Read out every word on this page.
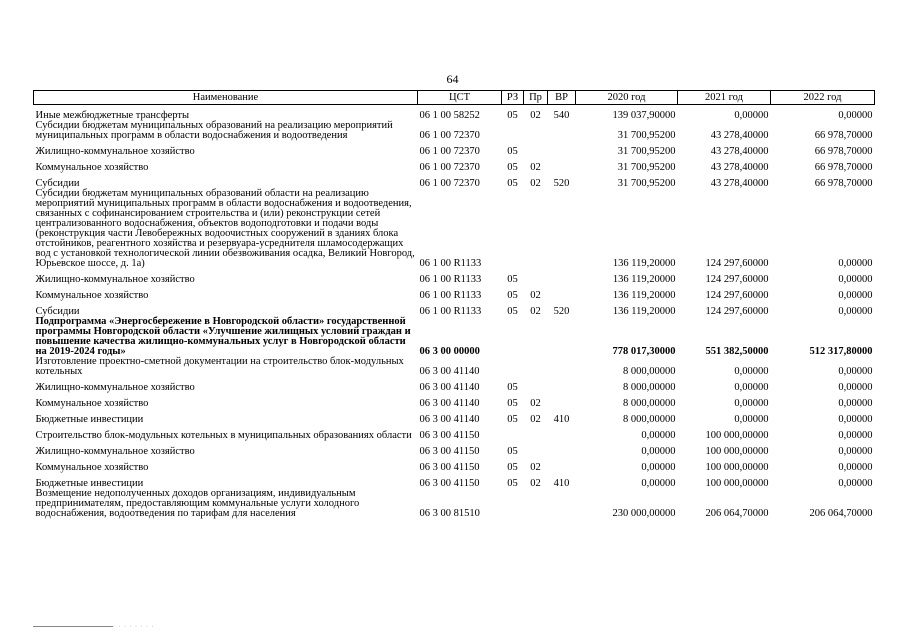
64
Наименование	ЦСТ	РЗ	Пр	ВР	2020 год	2021 год	2022 год
Иные межбюджетные трансферты	06 1 00 58252	05	02	540	139 037,90000	0,00000	0,00000
Субсидии бюджетам муниципальных образований на реализацию мероприятий муниципальных программ в области водоснабжения и водоотведения	06 1 00 72370				31 700,95200	43 278,40000	66 978,70000
Жилищно-коммунальное хозяйство	06 1 00 72370	05			31 700,95200	43 278,40000	66 978,70000
Коммунальное хозяйство	06 1 00 72370	05	02		31 700,95200	43 278,40000	66 978,70000
Субсидии	06 1 00 72370	05	02	520	31 700,95200	43 278,40000	66 978,70000
Субсидии бюджетам муниципальных образований области на реализацию мероприятий муниципальных программ в области водоснабжения и водоотведения, связанных с софинансированием строительства и (или) реконструкции сетей централизованного водоснабжения, объектов водоподготовки и подачи воды (реконструкция части Левобережных водоочистных сооружений в зданиях блока отстойников, реагентного хозяйства и резервуара-усреднителя шламосодержащих вод с установкой технологической линии обезвоживания осадка, Великий Новгород, Юрьевское шоссе, д. 1а)	06 1 00 R1133				136 119,20000	124 297,60000	0,00000
Жилищно-коммунальное хозяйство	06 1 00 R1133	05			136 119,20000	124 297,60000	0,00000
Коммунальное хозяйство	06 1 00 R1133	05	02		136 119,20000	124 297,60000	0,00000
Субсидии	06 1 00 R1133	05	02	520	136 119,20000	124 297,60000	0,00000
Подпрограмма «Энергосбережение в Новгородской области» государственной программы Новгородской области «Улучшение жилищных условий граждан и повышение качества жилищно-коммунальных услуг в Новгородской области на 2019-2024 годы»	06 3 00 00000				778 017,30000	551 382,50000	512 317,80000
Изготовление проектно-сметной документации на строительство блок-модульных котельных	06 3 00 41140				8 000,00000	0,00000	0,00000
Жилищно-коммунальное хозяйство	06 3 00 41140	05			8 000,00000	0,00000	0,00000
Коммунальное хозяйство	06 3 00 41140	05	02		8 000,00000	0,00000	0,00000
Бюджетные инвестиции	06 3 00 41140	05	02	410	8 000,00000	0,00000	0,00000
Строительство блок-модульных котельных в муниципальных образованиях области	06 3 00 41150				0,00000	100 000,00000	0,00000
Жилищно-коммунальное хозяйство	06 3 00 41150	05			0,00000	100 000,00000	0,00000
Коммунальное хозяйство	06 3 00 41150	05	02		0,00000	100 000,00000	0,00000
Бюджетные инвестиции	06 3 00 41150	05	02	410	0,00000	100 000,00000	0,00000
Возмещение недополученных доходов организациям, индивидуальным предпринимателям, предоставляющим коммунальные услуги холодного водоснабжения, водоотведения по тарифам для населения	06 3 00 81510				230 000,00000	206 064,70000	206 064,70000
· · · · · · · ·
